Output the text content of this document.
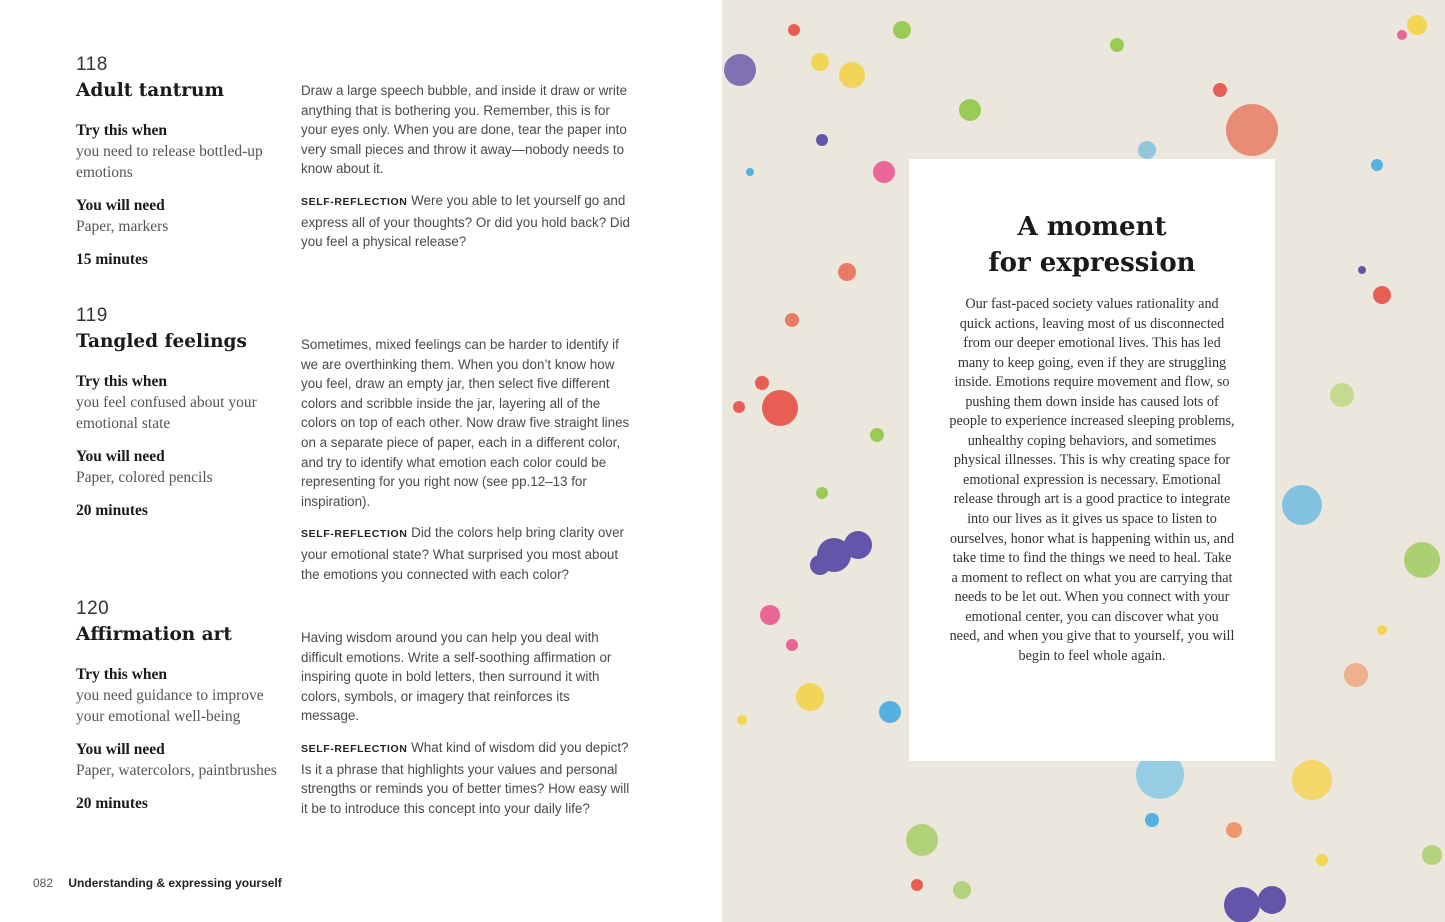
118
Adult tantrum
Try this when
you need to release bottled-up emotions
You will need
Paper, markers
15 minutes

Draw a large speech bubble, and inside it draw or write anything that is bothering you. Remember, this is for your eyes only. When you are done, tear the paper into very small pieces and throw it away—nobody needs to know about it.

SELF-REFLECTION Were you able to let yourself go and express all of your thoughts? Or did you hold back? Did you feel a physical release?

119
Tangled feelings
Try this when
you feel confused about your emotional state
You will need
Paper, colored pencils
20 minutes

Sometimes, mixed feelings can be harder to identify if we are overthinking them. When you don’t know how you feel, draw an empty jar, then select five different colors and scribble inside the jar, layering all of the colors on top of each other. Now draw five straight lines on a separate piece of paper, each in a different color, and try to identify what emotion each color could be representing for you right now (see pp.12–13 for inspiration).

SELF-REFLECTION Did the colors help bring clarity over your emotional state? What surprised you most about the emotions you connected with each color?

120
Affirmation art
Try this when
you need guidance to improve your emotional well-being
You will need
Paper, watercolors, paintbrushes
20 minutes

Having wisdom around you can help you deal with difficult emotions. Write a self-soothing affirmation or inspiring quote in bold letters, then surround it with colors, symbols, or imagery that reinforces its message.

SELF-REFLECTION What kind of wisdom did you depict? Is it a phrase that highlights your values and personal strengths or reminds you of better times? How easy will it be to introduce this concept into your daily life?

082 Understanding & expressing yourself
A moment
for expression

Our fast-paced society values rationality and quick actions, leaving most of us disconnected from our deeper emotional lives. This has led many to keep going, even if they are struggling inside. Emotions require movement and flow, so pushing them down inside has caused lots of people to experience increased sleeping problems, unhealthy coping behaviors, and sometimes physical illnesses. This is why creating space for emotional expression is necessary. Emotional release through art is a good practice to integrate into our lives as it gives us space to listen to ourselves, honor what is happening within us, and take time to find the things we need to heal. Take a moment to reflect on what you are carrying that needs to be let out. When you connect with your emotional center, you can discover what you need, and when you give that to yourself, you will begin to feel whole again.
